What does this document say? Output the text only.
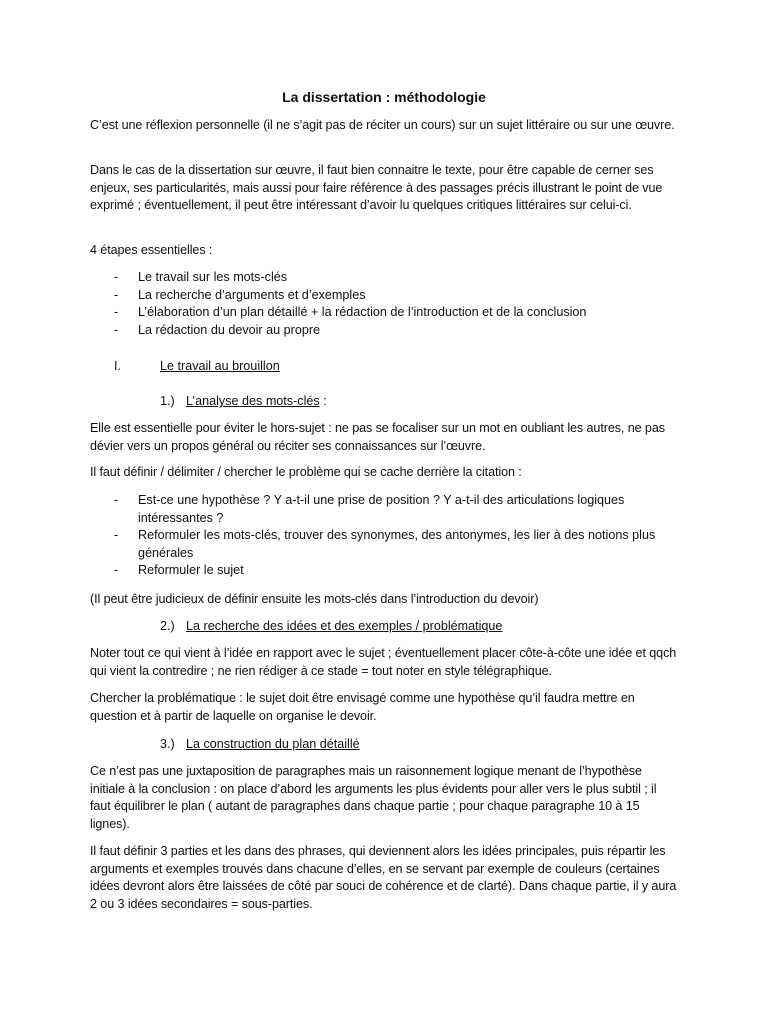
La dissertation : méthodologie
C’est une réflexion personnelle (il ne s’agit pas de réciter un cours) sur un sujet littéraire ou sur une œuvre.
Dans le cas de la dissertation sur œuvre, il faut bien connaitre le texte, pour être capable de cerner ses enjeux, ses particularités, mais aussi pour faire référence à des passages précis illustrant le point de vue exprimé ; éventuellement, il peut être intéressant d’avoir lu quelques critiques littéraires sur celui-ci.
4 étapes essentielles :
- Le travail sur les mots-clés
- La recherche d’arguments et d’exemples
- L’élaboration d’un plan détaillé + la rédaction de l’introduction et de la conclusion
- La rédaction du devoir au propre
I.	Le travail au brouillon
1.) L’analyse des mots-clés :
Elle est essentielle pour éviter le hors-sujet : ne pas se focaliser sur un mot en oubliant les autres, ne pas dévier vers un propos général ou réciter ses connaissances sur l’œuvre.
Il faut définir / délimiter / chercher le problème qui se cache derrière la citation :
- Est-ce une hypothèse ? Y a-t-il une prise de position ? Y a-t-il des articulations logiques intéressantes ?
- Reformuler les mots-clés, trouver des synonymes, des antonymes, les lier à des notions plus générales
- Reformuler le sujet
(Il peut être judicieux de définir ensuite les mots-clés dans l’introduction du devoir)
2.) La recherche des idées et des exemples / problématique
Noter tout ce qui vient à l’idée en rapport avec le sujet ; éventuellement placer côte-à-côte une idée et qqch qui vient la contredire ; ne rien rédiger à ce stade = tout noter en style télégraphique.
Chercher la problématique : le sujet doit être envisagé comme une hypothèse qu’il faudra mettre en question et à partir de laquelle on organise le devoir.
3.) La construction du plan détaillé
Ce n’est pas une juxtaposition de paragraphes mais un raisonnement logique menant de l’hypothèse initiale à la conclusion : on place d’abord les arguments les plus évidents pour aller vers le plus subtil ; il faut équilibrer le plan ( autant de paragraphes dans chaque partie ; pour chaque paragraphe 10 à 15 lignes).
Il faut définir 3 parties et les dans des phrases, qui deviennent alors les idées principales, puis répartir les arguments et exemples trouvés dans chacune d’elles, en se servant par exemple de couleurs (certaines idées devront alors être laissées de côté par souci de cohérence et de clarté). Dans chaque partie, il y aura 2 ou 3 idées secondaires = sous-parties.
